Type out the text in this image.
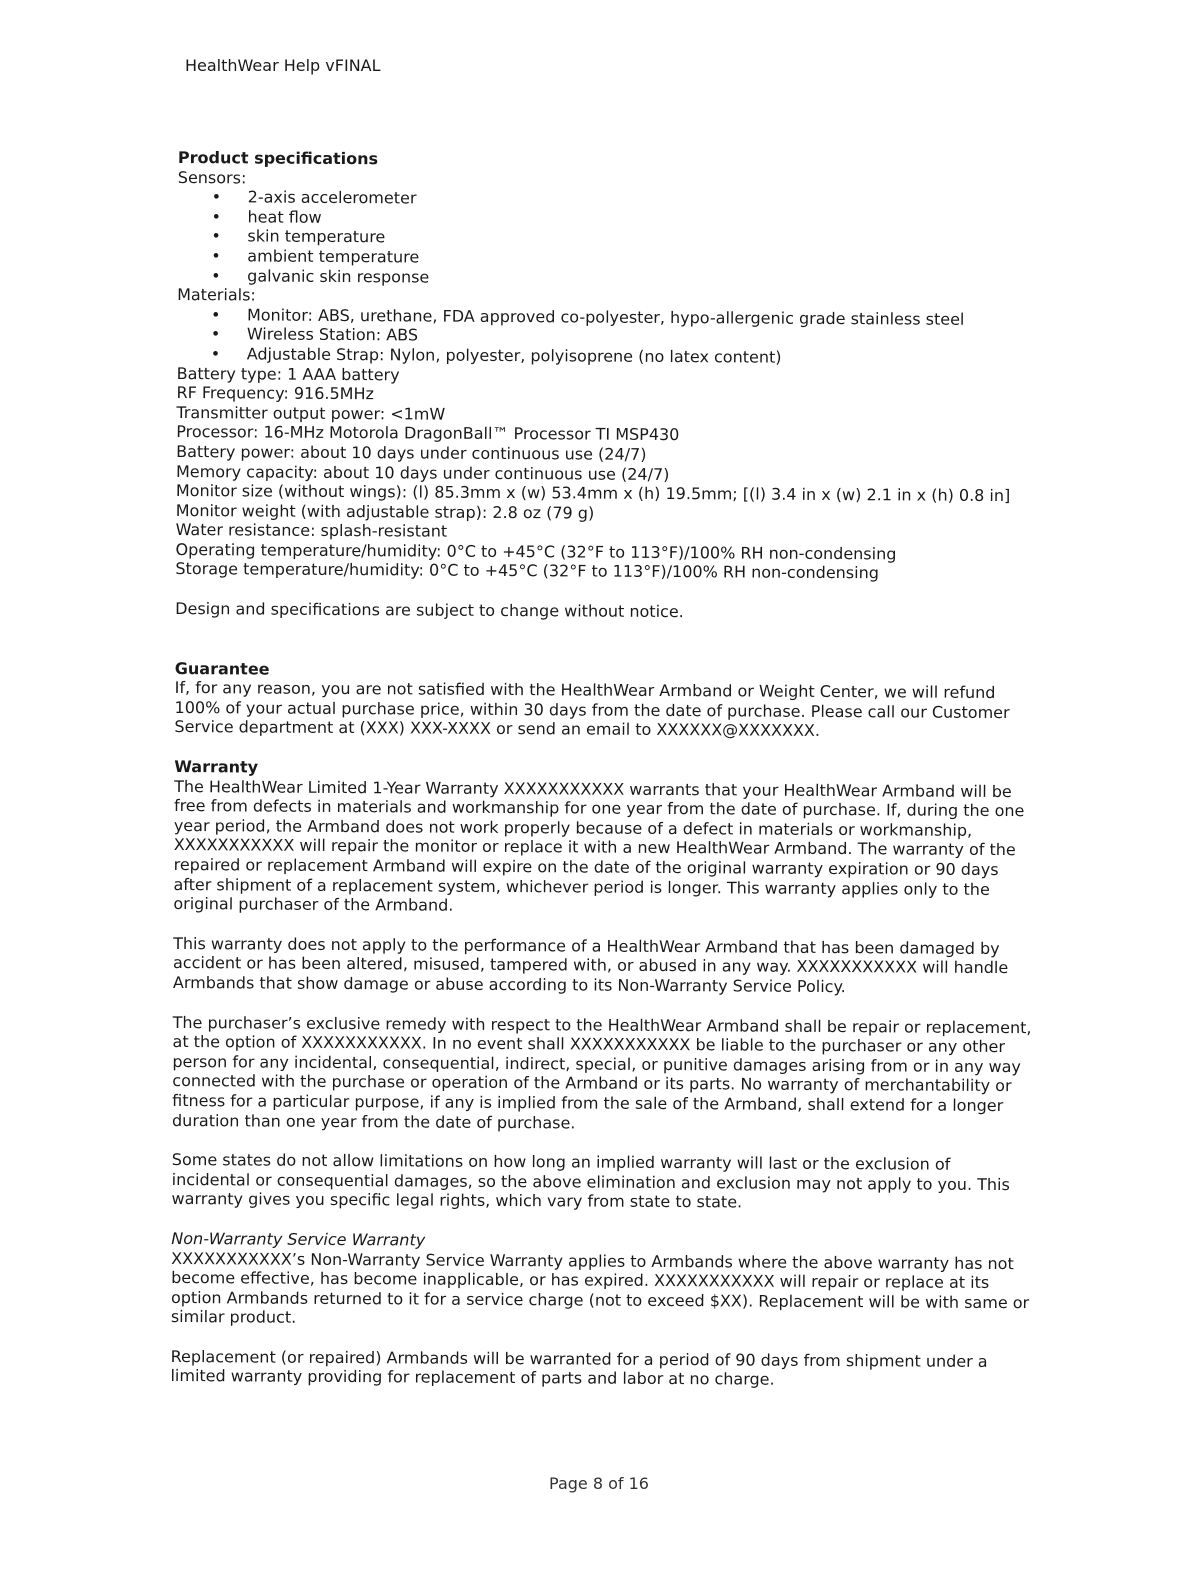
HealthWear Help vFINAL
Product specifications
Sensors:
• 2-axis accelerometer
• heat flow
• skin temperature
• ambient temperature
• galvanic skin response
Materials:
• Monitor: ABS, urethane, FDA approved co-polyester, hypo-allergenic grade stainless steel
• Wireless Station: ABS
• Adjustable Strap: Nylon, polyester, polyisoprene (no latex content)
Battery type: 1 AAA battery
RF Frequency: 916.5MHz
Transmitter output power: <1mW
Processor: 16-MHz Motorola DragonBall™ Processor TI MSP430
Battery power: about 10 days under continuous use (24/7)
Memory capacity: about 10 days under continuous use (24/7)
Monitor size (without wings): (l) 85.3mm x (w) 53.4mm x (h) 19.5mm; [(l) 3.4 in x (w) 2.1 in x (h) 0.8 in]
Monitor weight (with adjustable strap): 2.8 oz (79 g)
Water resistance: splash-resistant
Operating temperature/humidity: 0°C to +45°C (32°F to 113°F)/100% RH non-condensing
Storage temperature/humidity: 0°C to +45°C (32°F to 113°F)/100% RH non-condensing
Design and specifications are subject to change without notice.
Guarantee

If, for any reason, you are not satisfied with the HealthWear Armband or Weight Center, we will refund 100% of your actual purchase price, within 30 days from the date of purchase. Please call our Customer Service department at (XXX) XXX-XXXX or send an email to XXXXXX@XXXXXXX.

Warranty

The HealthWear Limited 1-Year Warranty XXXXXXXXXXX warrants that your HealthWear Armband will be free from defects in materials and workmanship for one year from the date of purchase. If, during the one year period, the Armband does not work properly because of a defect in materials or workmanship, XXXXXXXXXXX will repair the monitor or replace it with a new HealthWear Armband. The warranty of the repaired or replacement Armband will expire on the date of the original warranty expiration or 90 days after shipment of a replacement system, whichever period is longer. This warranty applies only to the original purchaser of the Armband.

This warranty does not apply to the performance of a HealthWear Armband that has been damaged by accident or has been altered, misused, tampered with, or abused in any way. XXXXXXXXXXX will handle Armbands that show damage or abuse according to its Non-Warranty Service Policy.

The purchaser’s exclusive remedy with respect to the HealthWear Armband shall be repair or replacement, at the option of XXXXXXXXXXX. In no event shall XXXXXXXXXXX be liable to the purchaser or any other person for any incidental, consequential, indirect, special, or punitive damages arising from or in any way connected with the purchase or operation of the Armband or its parts. No warranty of merchantability or fitness for a particular purpose, if any is implied from the sale of the Armband, shall extend for a longer duration than one year from the date of purchase.

Some states do not allow limitations on how long an implied warranty will last or the exclusion of incidental or consequential damages, so the above elimination and exclusion may not apply to you. This warranty gives you specific legal rights, which vary from state to state.

Non-Warranty Service Warranty

XXXXXXXXXXX’s Non-Warranty Service Warranty applies to Armbands where the above warranty has not become effective, has become inapplicable, or has expired. XXXXXXXXXXX will repair or replace at its option Armbands returned to it for a service charge (not to exceed $XX). Replacement will be with same or similar product.

Replacement (or repaired) Armbands will be warranted for a period of 90 days from shipment under a limited warranty providing for replacement of parts and labor at no charge.

Page 8 of 16
